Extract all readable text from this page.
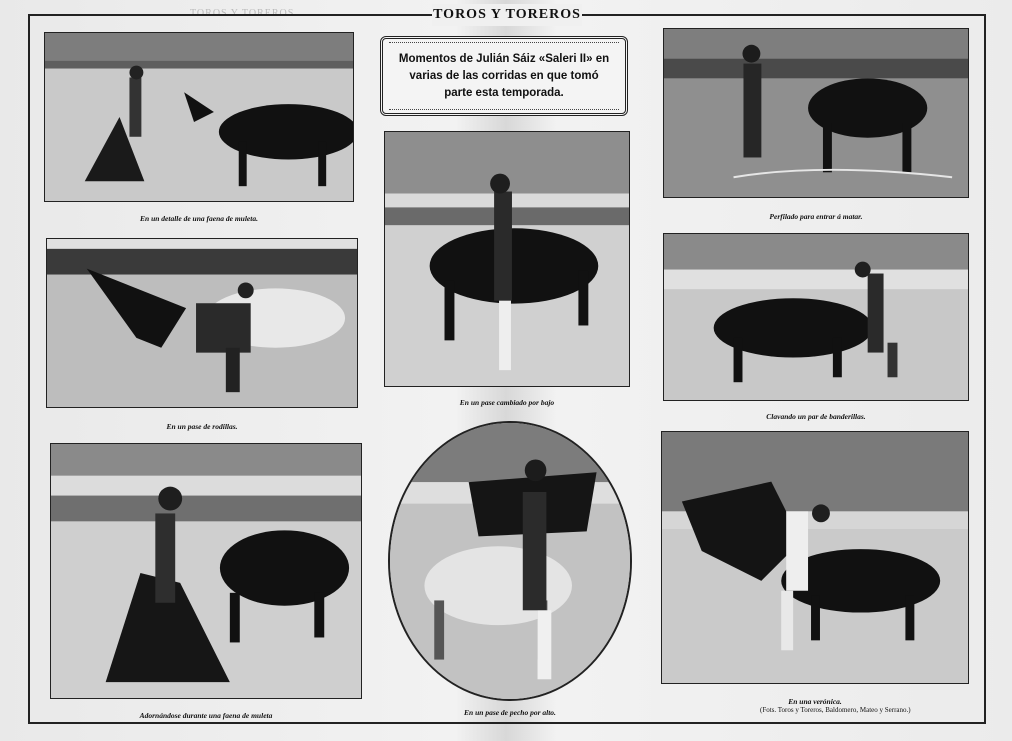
TOROS Y TOREROS	TOROS Y TOREROS
Momentos de Julián Sáiz «Saleri II» en varias de las corridas en que tomó parte esta temporada.
En un detalle de una faena de muleta.
En un pase de rodillas.
Adornándose durante una faena de muleta
En un pase cambiado por bajo
En un pase de pecho por alto.
Perfilado para entrar á matar.
Clavando un par de banderillas.
En una verónica.
(Fots. Toros y Toreros, Baldomero, Mateo y Serrano.)
